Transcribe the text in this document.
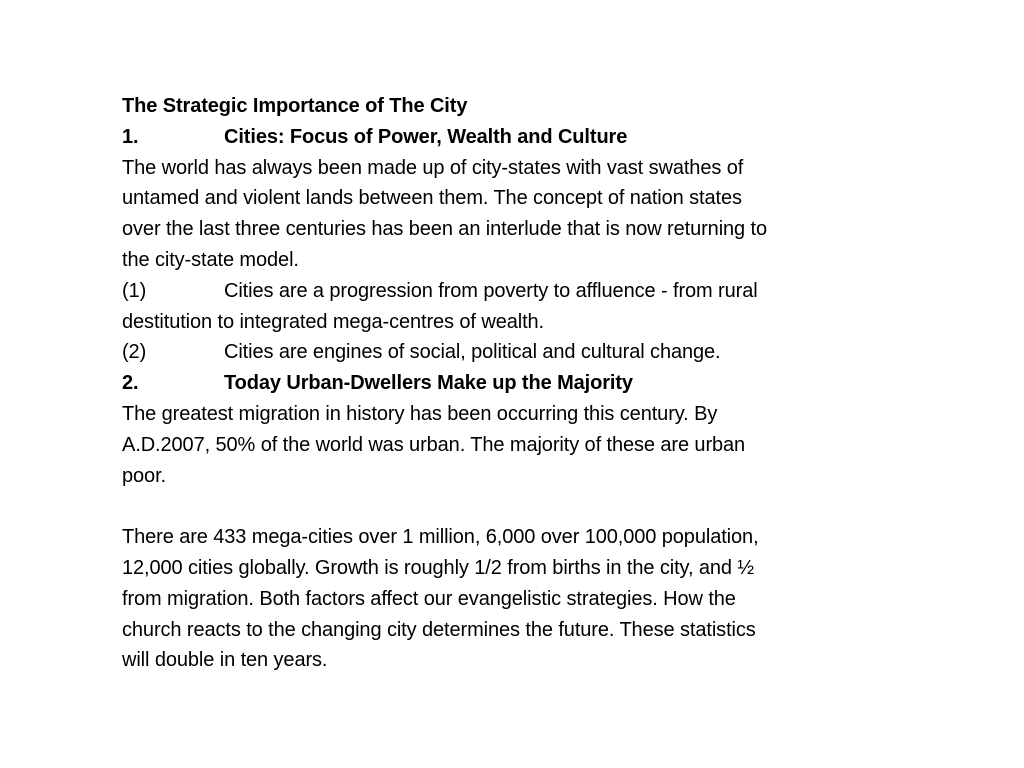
The Strategic Importance of The City
1.	Cities: Focus of Power, Wealth and Culture
The world has always been made up of city-states with vast swathes of
untamed and violent lands between them. The concept of nation states
over the last three centuries has been an interlude that is now returning to
the city-state model.
(1)	Cities are a progression from poverty to affluence - from rural
destitution to integrated mega-centres of wealth.
(2)	Cities are engines of social, political and cultural change.
2.	Today Urban-Dwellers Make up the Majority
The greatest migration in history has been occurring this century. By
A.D.2007, 50% of the world was urban. The majority of these are urban
poor.
There are 433 mega-cities over 1 million, 6,000 over 100,000 population,
12,000 cities globally. Growth is roughly 1/2 from births in the city, and ½
from migration. Both factors affect our evangelistic strategies. How the
church reacts to the changing city determines the future. These statistics
will double in ten years.
